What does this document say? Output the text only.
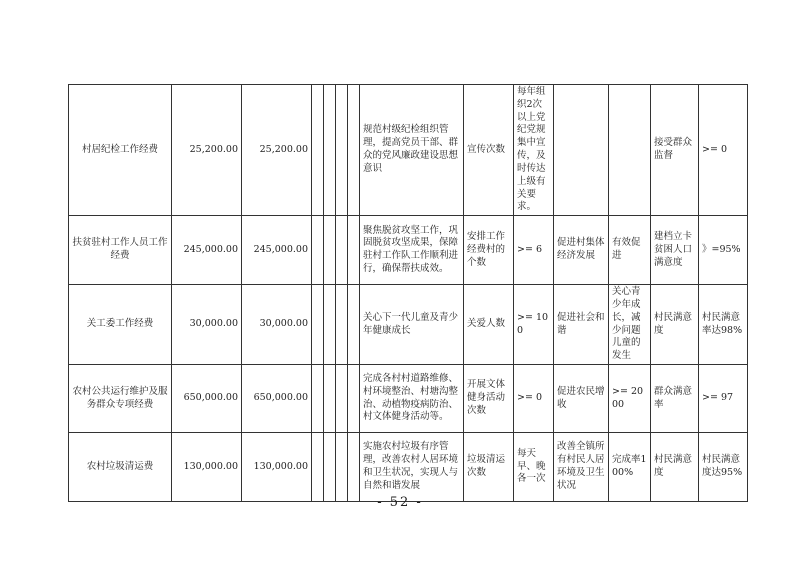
村居纪检工作经费	25,200.00	25,200.00					规范村级纪检组织管理，提高党员干部、群众的党风廉政建设思想意识	宣传次数	每年组织2次以上党纪党规集中宣传，及时传达上级有关要求。			接受群众监督	>= 0
扶贫驻村工作人员工作经费	245,000.00	245,000.00					聚焦脱贫攻坚工作，巩固脱贫攻坚成果，保障驻村工作队工作顺利进行，确保帮扶成效。	安排工作经费村的个数	>= 6	促进村集体经济发展	有效促进	建档立卡贫困人口满意度	》=95%
关工委工作经费	30,000.00	30,000.00					关心下一代儿童及青少年健康成长	关爱人数	>= 100	促进社会和谐	关心青少年成长，减少问题儿童的发生	村民满意度	村民满意率达98%
农村公共运行维护及服务群众专项经费	650,000.00	650,000.00					完成各村村道路维修、村环境整治、村塘沟整治、动植物疫病防治、村文体健身活动等。	开展文体健身活动次数	>= 0	促进农民增收	>= 2000	群众满意率	>= 97
农村垃圾清运费	130,000.00	130,000.00					实施农村垃圾有序管理，改善农村人居环境和卫生状况，实现人与自然和谐发展	垃圾清运次数	每天早、晚各一次	改善全镇所有村民人居环境及卫生状况	完成率100%	村民满意度	村民满意度达95%
- 52 -
